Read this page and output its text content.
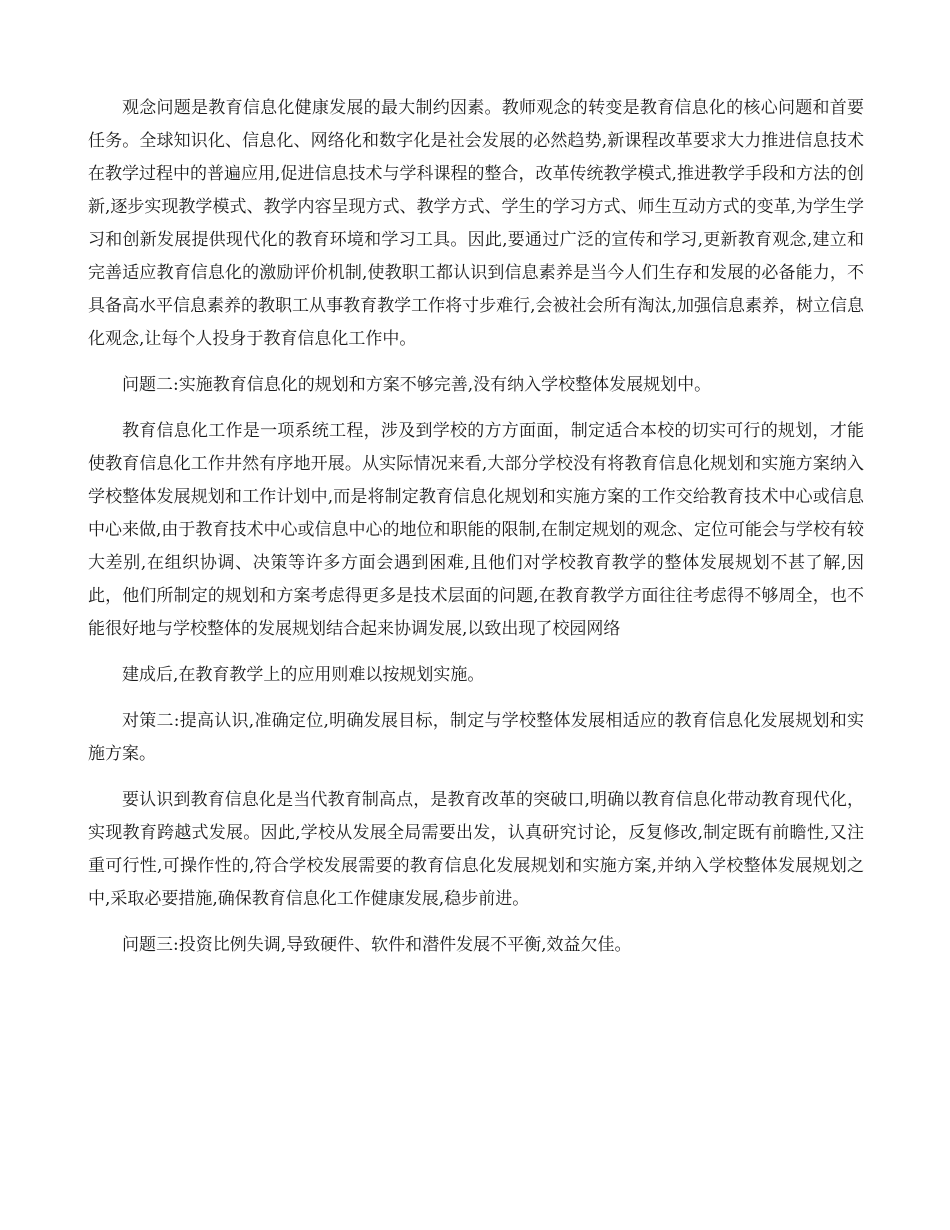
观念问题是教育信息化健康发展的最大制约因素。教师观念的转变是教育信息化的核心问题和首要任务。全球知识化、信息化、网络化和数字化是社会发展的必然趋势,新课程改革要求大力推进信息技术在教学过程中的普遍应用,促进信息技术与学科课程的整合，改革传统教学模式,推进教学手段和方法的创新,逐步实现教学模式、教学内容呈现方式、教学方式、学生的学习方式、师生互动方式的变革,为学生学习和创新发展提供现代化的教育环境和学习工具。因此,要通过广泛的宣传和学习,更新教育观念,建立和完善适应教育信息化的激励评价机制,使教职工都认识到信息素养是当今人们生存和发展的必备能力，不具备高水平信息素养的教职工从事教育教学工作将寸步难行,会被社会所有淘汰,加强信息素养，树立信息化观念,让每个人投身于教育信息化工作中。

问题二:实施教育信息化的规划和方案不够完善,没有纳入学校整体发展规划中。

教育信息化工作是一项系统工程，涉及到学校的方方面面，制定适合本校的切实可行的规划，才能使教育信息化工作井然有序地开展。从实际情况来看,大部分学校没有将教育信息化规划和实施方案纳入学校整体发展规划和工作计划中,而是将制定教育信息化规划和实施方案的工作交给教育技术中心或信息中心来做,由于教育技术中心或信息中心的地位和职能的限制,在制定规划的观念、定位可能会与学校有较大差别,在组织协调、决策等许多方面会遇到困难,且他们对学校教育教学的整体发展规划不甚了解,因此，他们所制定的规划和方案考虑得更多是技术层面的问题,在教育教学方面往往考虑得不够周全，也不能很好地与学校整体的发展规划结合起来协调发展,以致出现了校园网络

建成后,在教育教学上的应用则难以按规划实施。

对策二:提高认识,准确定位,明确发展目标，制定与学校整体发展相适应的教育信息化发展规划和实施方案。

要认识到教育信息化是当代教育制高点，是教育改革的突破口,明确以教育信息化带动教育现代化，实现教育跨越式发展。因此,学校从发展全局需要出发，认真研究讨论，反复修改,制定既有前瞻性,又注重可行性,可操作性的,符合学校发展需要的教育信息化发展规划和实施方案,并纳入学校整体发展规划之中,采取必要措施,确保教育信息化工作健康发展,稳步前进。

问题三:投资比例失调,导致硬件、软件和潜件发展不平衡,效益欠佳。
